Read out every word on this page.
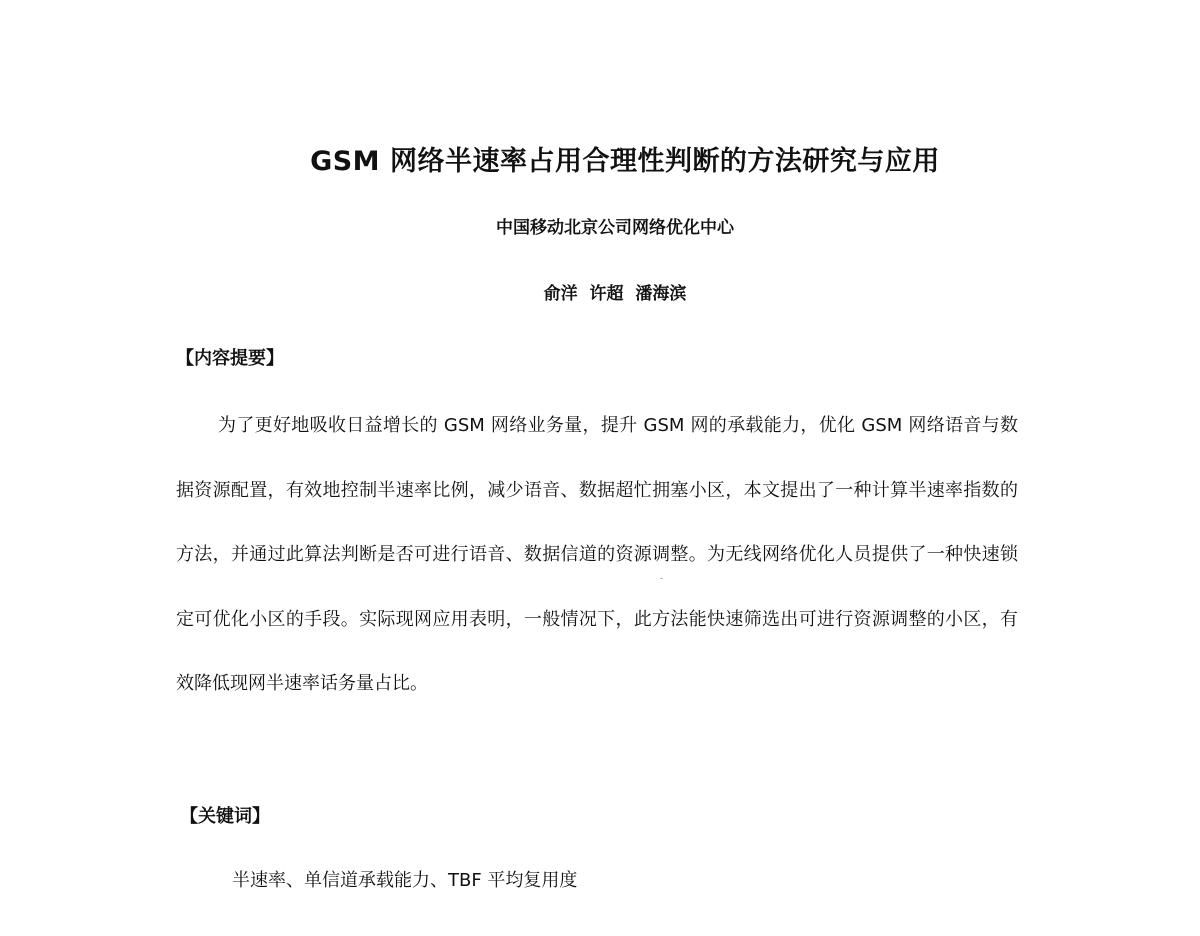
GSM 网络半速率占用合理性判断的方法研究与应用
中国移动北京公司网络优化中心
俞洋 许超 潘海滨
【内容提要】

为了更好地吸收日益增长的 GSM 网络业务量，提升 GSM 网的承载能力，优化 GSM 网络语音与数据资源配置，有效地控制半速率比例，减少语音、数据超忙拥塞小区，本文提出了一种计算半速率指数的方法，并通过此算法判断是否可进行语音、数据信道的资源调整。为无线网络优化人员提供了一种快速锁定可优化小区的手段。实际现网应用表明，一般情况下，此方法能快速筛选出可进行资源调整的小区，有效降低现网半速率话务量占比。

【关键词】
半速率、单信道承载能力、TBF 平均复用度
